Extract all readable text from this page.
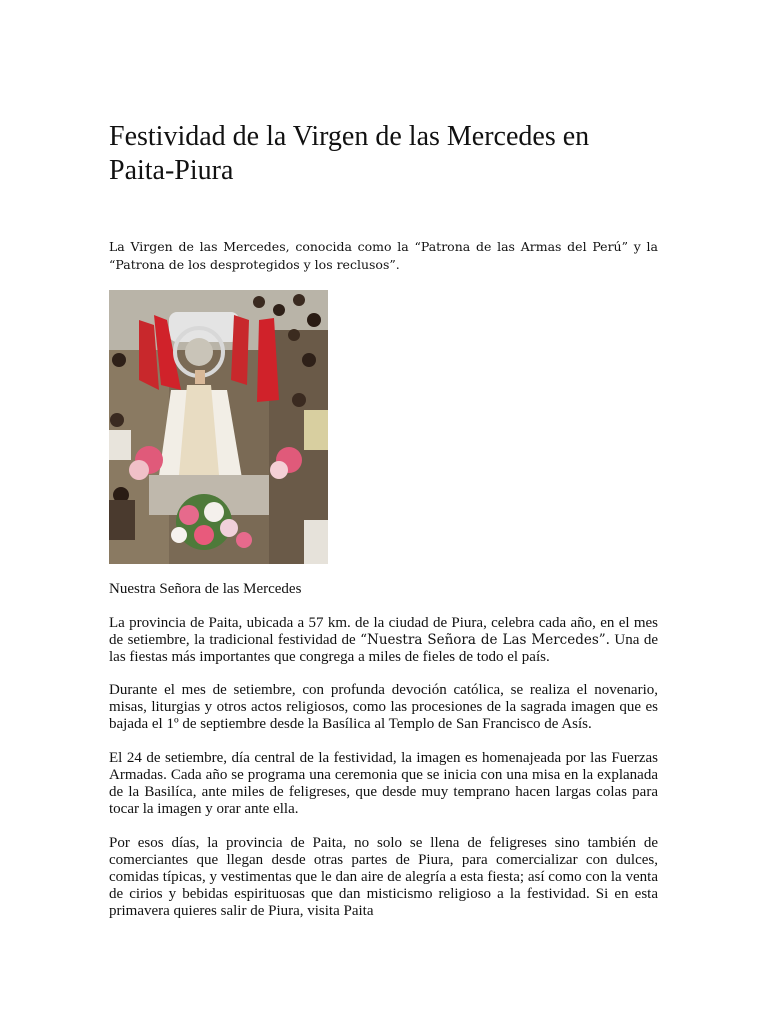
Festividad de la Virgen de las Mercedes en Paita-Piura

La Virgen de las Mercedes, conocida como la “Patrona de las Armas del Perú” y la “Patrona de los desprotegidos y los reclusos”.

Nuestra Señora de las Mercedes

La provincia de Paita, ubicada a 57 km. de la ciudad de Piura, celebra cada año, en el mes de setiembre, la tradicional festividad de “Nuestra Señora de Las Mercedes”. Una de las fiestas más importantes que congrega a miles de fieles de todo el país.

Durante el mes de setiembre, con profunda devoción católica, se realiza el novenario, misas, liturgias y otros actos religiosos, como las procesiones de la sagrada imagen que es bajada el 1º de septiembre desde la Basílica al Templo de San Francisco de Asís.

El 24 de setiembre, día central de la festividad, la imagen es homenajeada por las Fuerzas Armadas. Cada año se programa una ceremonia que se inicia con una misa en la explanada de la Basilíca, ante miles de feligreses, que desde muy temprano hacen largas colas para tocar la imagen y orar ante ella.

Por esos días, la provincia de Paita, no solo se llena de feligreses sino también de comerciantes que llegan desde otras partes de Piura, para comercializar con dulces, comidas típicas, y vestimentas que le dan aire de alegría a esta fiesta; así como con la venta de cirios y bebidas espirituosas que dan misticismo religioso a la festividad. Si en esta primavera quieres salir de Piura, visita Paita
